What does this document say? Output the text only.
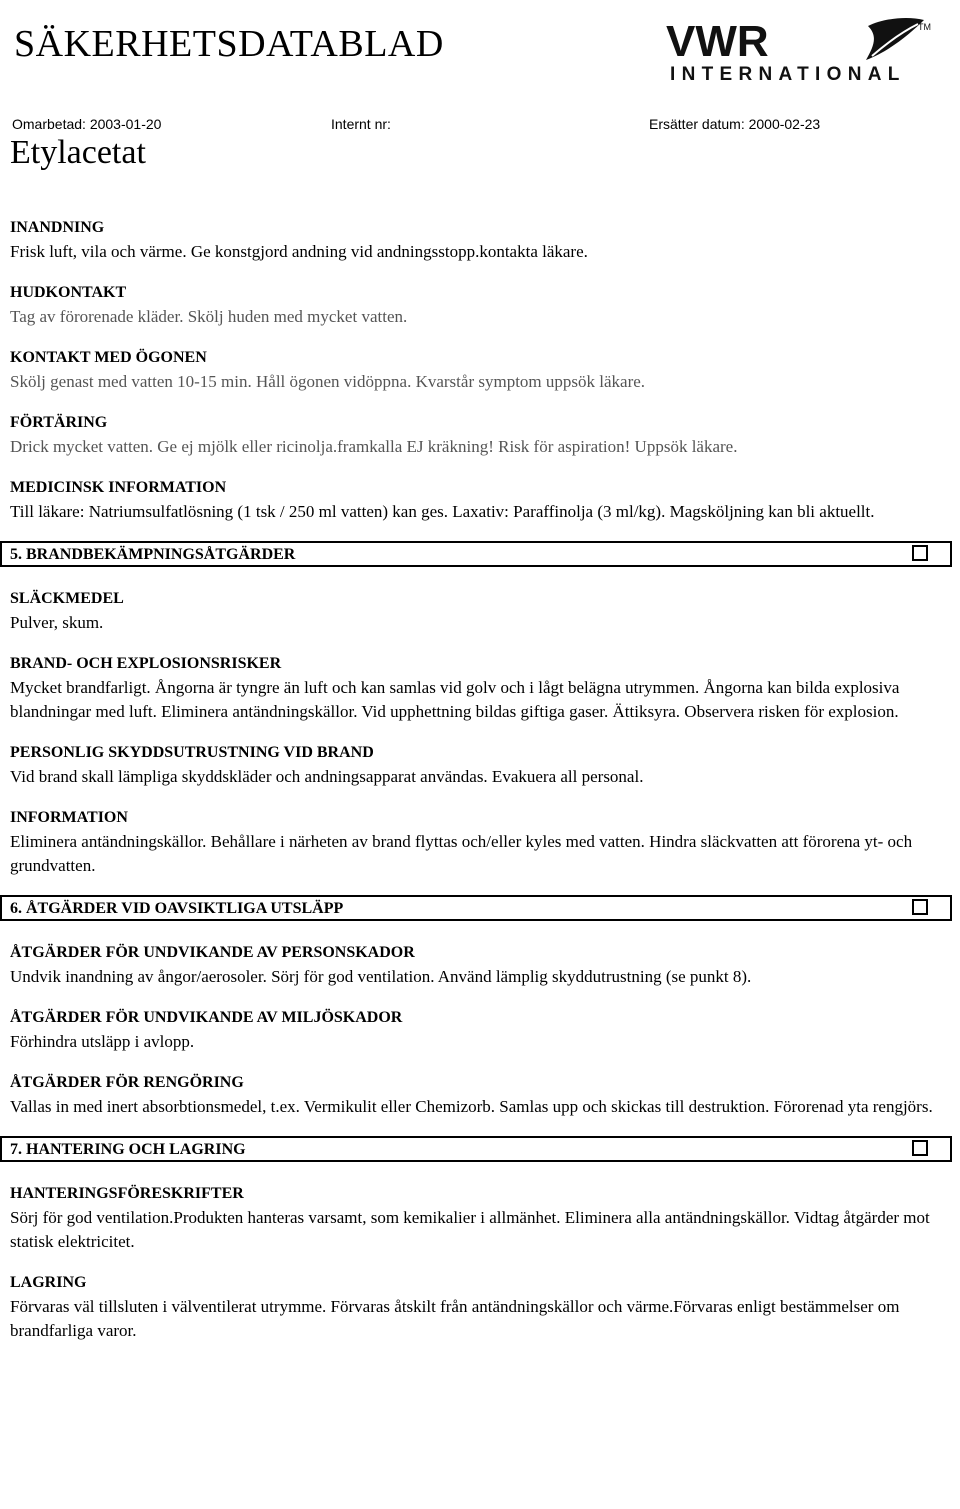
SÄKERHETSDATABLAD	VWR	TM
INTERNATIONAL
Omarbetad: 2003-01-20	Internt nr:	Ersätter datum: 2000-02-23
Etylacetat
INANDNING
Frisk luft, vila och värme. Ge konstgjord andning vid andningsstopp.kontakta läkare.
HUDKONTAKT
Tag av förorenade kläder. Skölj huden med mycket vatten.
KONTAKT MED ÖGONEN
Skölj genast med vatten 10-15 min. Håll ögonen vidöppna. Kvarstår symptom uppsök läkare.
FÖRTÄRING
Drick mycket vatten. Ge ej mjölk eller ricinolja.framkalla EJ kräkning! Risk för aspiration! Uppsök läkare.
MEDICINSK INFORMATION
Till läkare: Natriumsulfatlösning (1 tsk / 250 ml vatten) kan ges. Laxativ: Paraffinolja (3 ml/kg). Magsköljning kan bli aktuellt.
5. BRANDBEKÄMPNINGSÅTGÄRDER
SLÄCKMEDEL
Pulver, skum.
BRAND- OCH EXPLOSIONSRISKER
Mycket brandfarligt. Ångorna är tyngre än luft och kan samlas vid golv och i lågt belägna utrymmen. Ångorna kan bilda explosiva blandningar med luft. Eliminera antändningskällor. Vid upphettning bildas giftiga gaser. Ättiksyra. Observera risken för explosion.
PERSONLIG SKYDDSUTRUSTNING VID BRAND
Vid brand skall lämpliga skyddskläder och andningsapparat användas. Evakuera all personal.
INFORMATION
Eliminera antändningskällor. Behållare i närheten av brand flyttas och/eller kyles med vatten. Hindra släckvatten att förorena yt- och grundvatten.
6. ÅTGÄRDER VID OAVSIKTLIGA UTSLÄPP
ÅTGÄRDER FÖR UNDVIKANDE AV PERSONSKADOR
Undvik inandning av ångor/aerosoler. Sörj för god ventilation. Använd lämplig skyddutrustning (se punkt 8).
ÅTGÄRDER FÖR UNDVIKANDE AV MILJÖSKADOR
Förhindra utsläpp i avlopp.
ÅTGÄRDER FÖR RENGÖRING
Vallas in med inert absorbtionsmedel, t.ex. Vermikulit eller Chemizorb. Samlas upp och skickas till destruktion. Förorenad yta rengjörs.
7. HANTERING OCH LAGRING
HANTERINGSFÖRESKRIFTER
Sörj för god ventilation.Produkten hanteras varsamt, som kemikalier i allmänhet. Eliminera alla antändningskällor. Vidtag åtgärder mot statisk elektricitet.
LAGRING
Förvaras väl tillsluten i välventilerat utrymme. Förvaras åtskilt från antändningskällor och värme.Förvaras enligt bestämmelser om brandfarliga varor.
